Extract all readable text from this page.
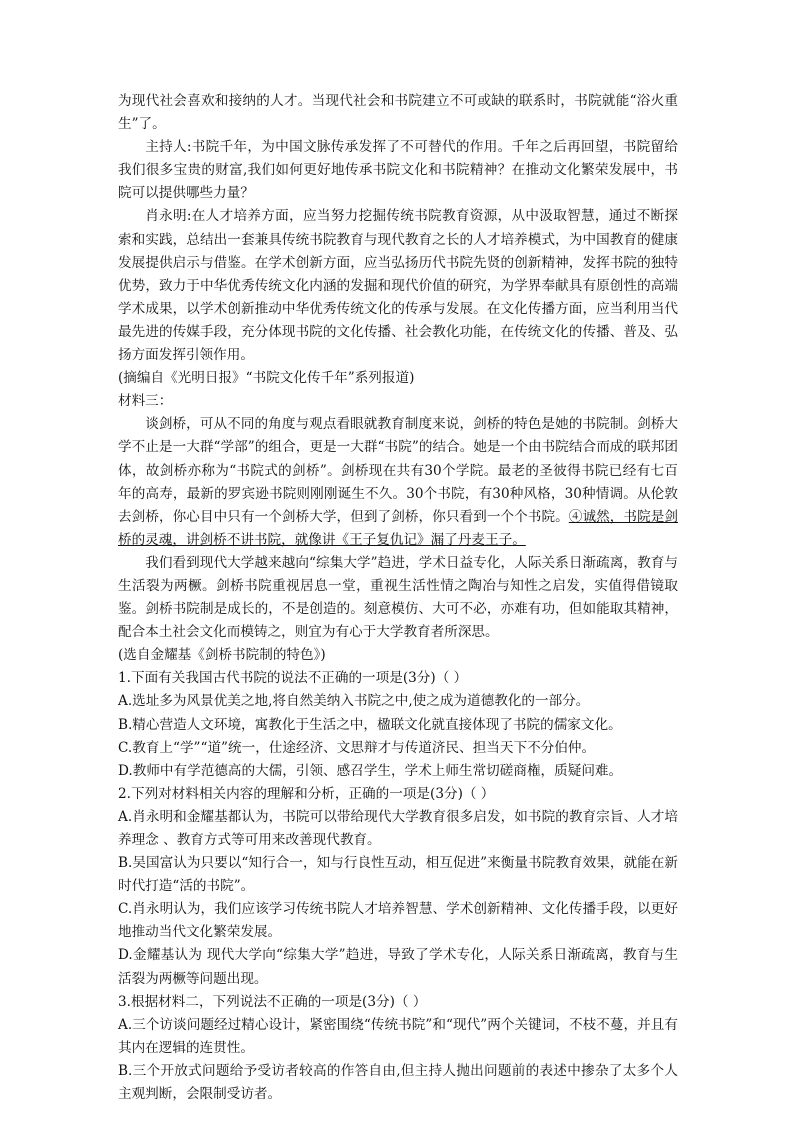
为现代社会喜欢和接纳的人才。当现代社会和书院建立不可或缺的联系时，书院就能“浴火重生”了。

主持人:书院千年，为中国文脉传承发挥了不可替代的作用。千年之后再回望，书院留给我们很多宝贵的财富,我们如何更好地传承书院文化和书院精神？在推动文化繁荣发展中，书院可以提供哪些力量？

肖永明:在人才培养方面，应当努力挖掘传统书院教育资源，从中汲取智慧，通过不断探索和实践，总结出一套兼具传统书院教育与现代教育之长的人才培养模式，为中国教育的健康发展提供启示与借鉴。在学术创新方面，应当弘扬历代书院先贤的创新精神，发挥书院的独特优势，致力于中华优秀传统文化内涵的发掘和现代价值的研究，为学界奉献具有原创性的高端学术成果，以学术创新推动中华优秀传统文化的传承与发展。在文化传播方面，应当利用当代最先进的传媒手段，充分体现书院的文化传播、社会教化功能，在传统文化的传播、普及、弘扬方面发挥引领作用。

(摘编自《光明日报》“书院文化传千年”系列报道)

材料三：

谈剑桥，可从不同的角度与观点看眼就教育制度来说，剑桥的特色是她的书院制。剑桥大学不止是一大群“学部”的组合，更是一大群“书院”的结合。她是一个由书院结合而成的联邦团体，故剑桥亦称为“书院式的剑桥”。剑桥现在共有30个学院。最老的圣彼得书院已经有七百年的高寿，最新的罗宾逊书院则刚刚诞生不久。30个书院，有30种风格，30种情调。从伦敦去剑桥，你心目中只有一个剑桥大学，但到了剑桥，你只看到一个个书院。④诚然，书院是剑桥的灵魂，讲剑桥不讲书院，就像讲《王子复仇记》漏了丹麦王子。

我们看到现代大学越来越向“综集大学”趋进，学术日益专化，人际关系日渐疏离，教育与生活裂为两橛。剑桥书院重视居息一堂，重视生活性情之陶冶与知性之启发，实值得借镜取鉴。剑桥书院制是成长的，不是创造的。刻意模仿、大可不必，亦难有功，但如能取其精神，配合本土社会文化而模铸之，则宜为有心于大学教育者所深思。

(选自金耀基《剑桥书院制的特色》)

1.下面有关我国古代书院的说法不正确的一项是(3分)（ ）

A.选址多为风景优美之地,将自然美纳入书院之中,使之成为道德教化的一部分。

B.精心营造人文环境，寓教化于生活之中，楹联文化就直接体现了书院的儒家文化。

C.教育上“学”“道”统一，仕途经济、文思辩才与传道济民、担当天下不分伯仲。

D.教师中有学范德高的大儒，引领、感召学生，学术上师生常切磋商権，质疑问难。

2.下列对材料相关内容的理解和分析，正确的一项是(3分)（ ）

A.肖永明和金耀基都认为，书院可以带给现代大学教育很多启发，如书院的教育宗旨、人才培养理念 、教育方式等可用来改善现代教育。

B.吴国富认为只要以“知行合一，知与行良性互动，相互促进”来衡量书院教育效果，就能在新时代打造“活的书院”。

C.肖永明认为，我们应该学习传统书院人才培养智慧、学术创新精神、文化传播手段，以更好地推动当代文化繁荣发展。

D.金耀基认为 现代大学向“综集大学”趋进，导致了学术专化，人际关系日渐疏离，教育与生活裂为两橛等问题出现。

3.根据材料二，下列说法不正确的一项是(3分)（ ）

A.三个访谈问题经过精心设计，紧密围绕“传统书院”和“现代”两个关键词，不枝不蔓，并且有其内在逻辑的连贯性。

B.三个开放式问题给予受访者较高的作答自由,但主持人抛出问题前的表述中掺杂了太多个人主观判断，会限制受访者。
